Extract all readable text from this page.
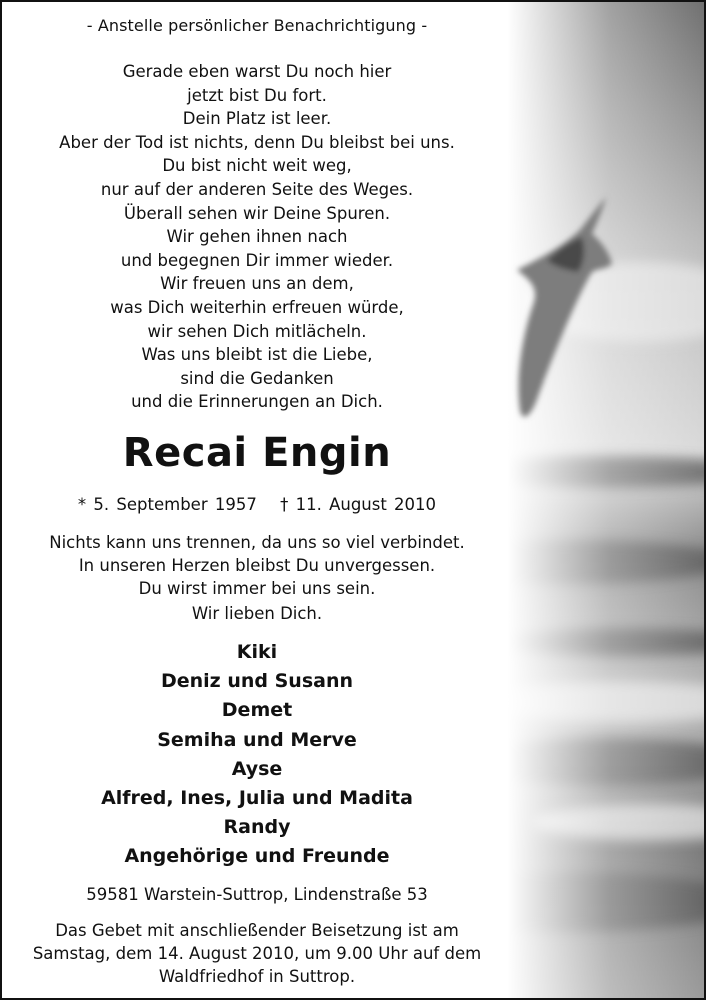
- Anstelle persönlicher Benachrichtigung -
Gerade eben warst Du noch hier
jetzt bist Du fort.
Dein Platz ist leer.
Aber der Tod ist nichts, denn Du bleibst bei uns.
Du bist nicht weit weg,
nur auf der anderen Seite des Weges.
Überall sehen wir Deine Spuren.
Wir gehen ihnen nach
und begegnen Dir immer wieder.
Wir freuen uns an dem,
was Dich weiterhin erfreuen würde,
wir sehen Dich mitlächeln.
Was uns bleibt ist die Liebe,
sind die Gedanken
und die Erinnerungen an Dich.
Recai Engin
* 5. September 1957 † 11. August 2010
Nichts kann uns trennen, da uns so viel verbindet.
In unseren Herzen bleibst Du unvergessen.
Du wirst immer bei uns sein.
Wir lieben Dich.
Kiki
Deniz und Susann
Demet
Semiha und Merve
Ayse
Alfred, Ines, Julia und Madita
Randy
Angehörige und Freunde
59581 Warstein-Suttrop, Lindenstraße 53
Das Gebet mit anschließender Beisetzung ist am
Samstag, dem 14. August 2010, um 9.00 Uhr auf dem
Waldfriedhof in Suttrop.
